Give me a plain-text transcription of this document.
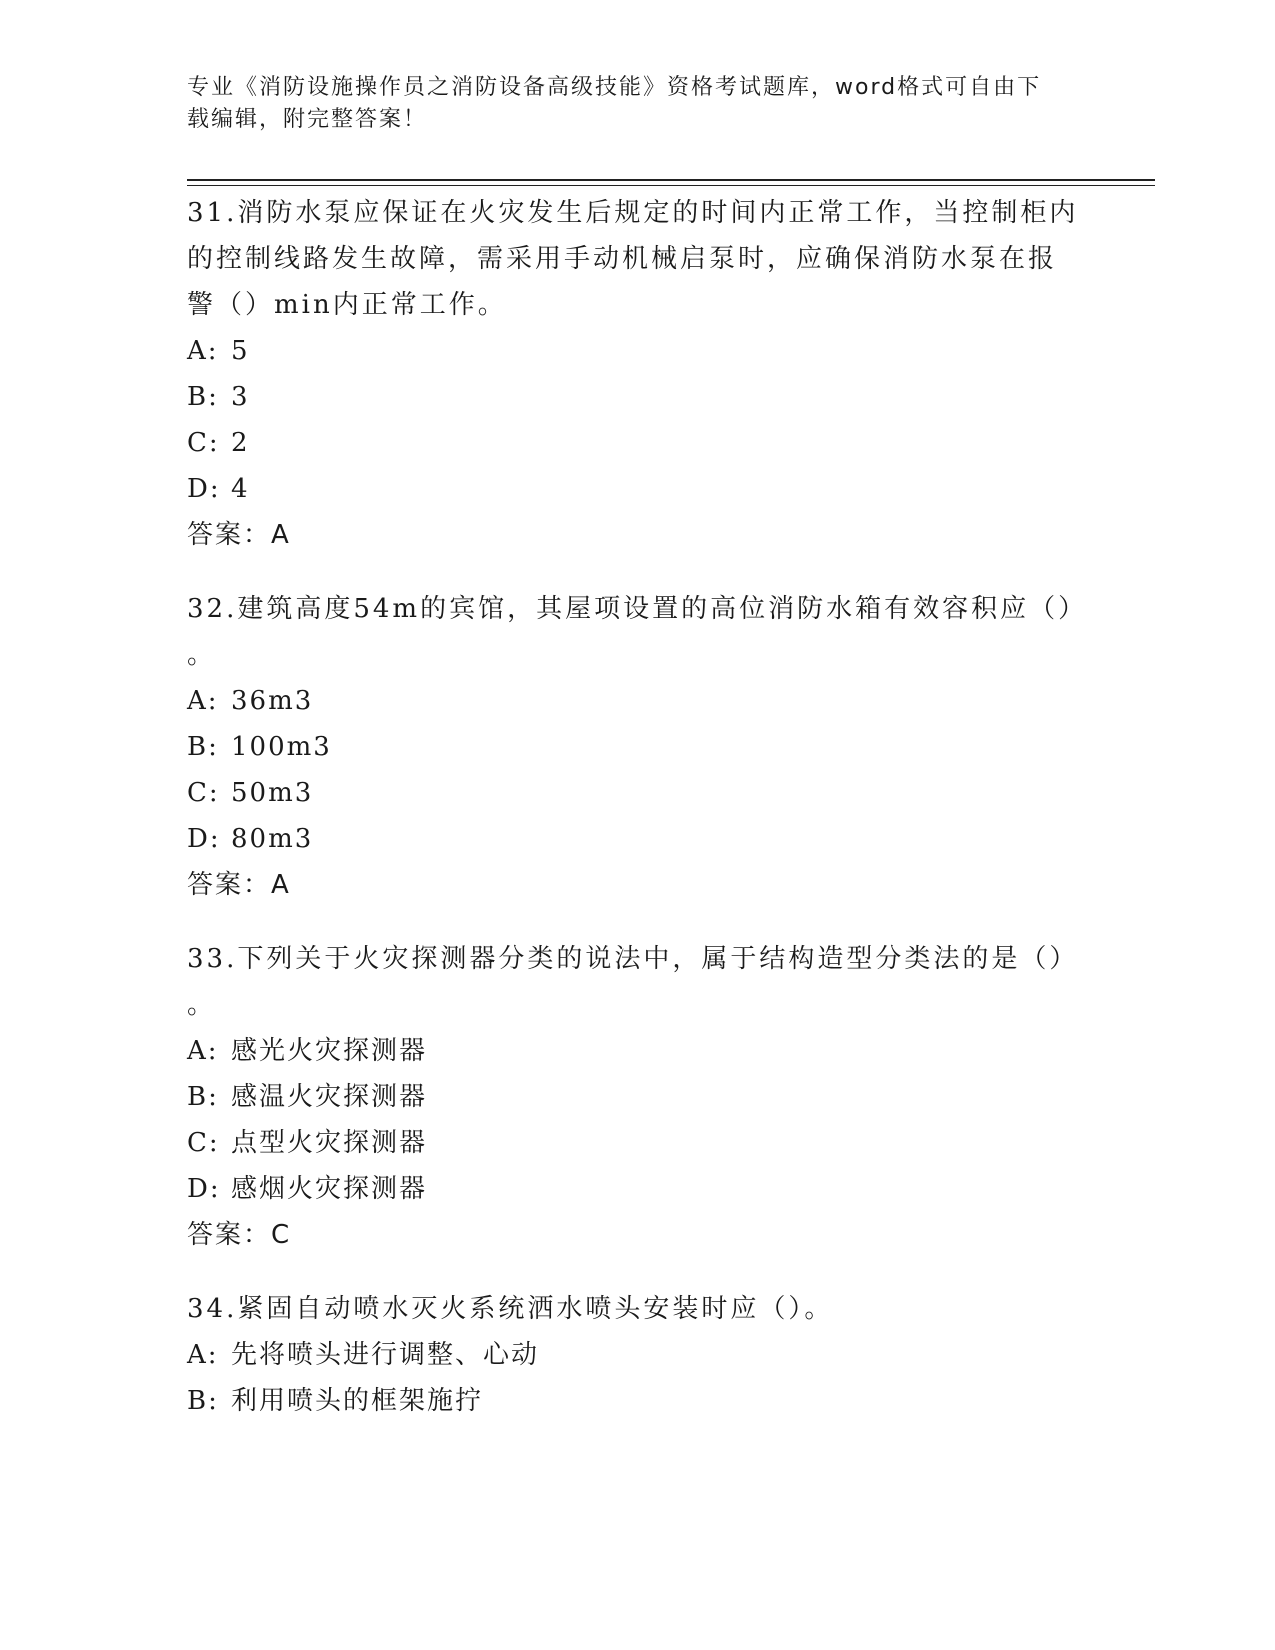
专业《消防设施操作员之消防设备高级技能》资格考试题库，word格式可自由下
载编辑，附完整答案！

31.消防水泵应保证在火灾发生后规定的时间内正常工作，当控制柜内

的控制线路发生故障，需采用手动机械启泵时，应确保消防水泵在报

警（）min内正常工作。

A: 5

B: 3

C: 2

D: 4

答案：A

32.建筑高度54m的宾馆，其屋项设置的高位消防水箱有效容积应（）

。

A: 36m3

B: 100m3

C: 50m3

D: 80m3

答案：A

33.下列关于火灾探测器分类的说法中，属于结构造型分类法的是（）

。

A: 感光火灾探测器

B: 感温火灾探测器

C: 点型火灾探测器

D: 感烟火灾探测器

答案：C

34.紧固自动喷水灭火系统洒水喷头安装时应（）。

A: 先将喷头进行调整、心动

B: 利用喷头的框架施拧
